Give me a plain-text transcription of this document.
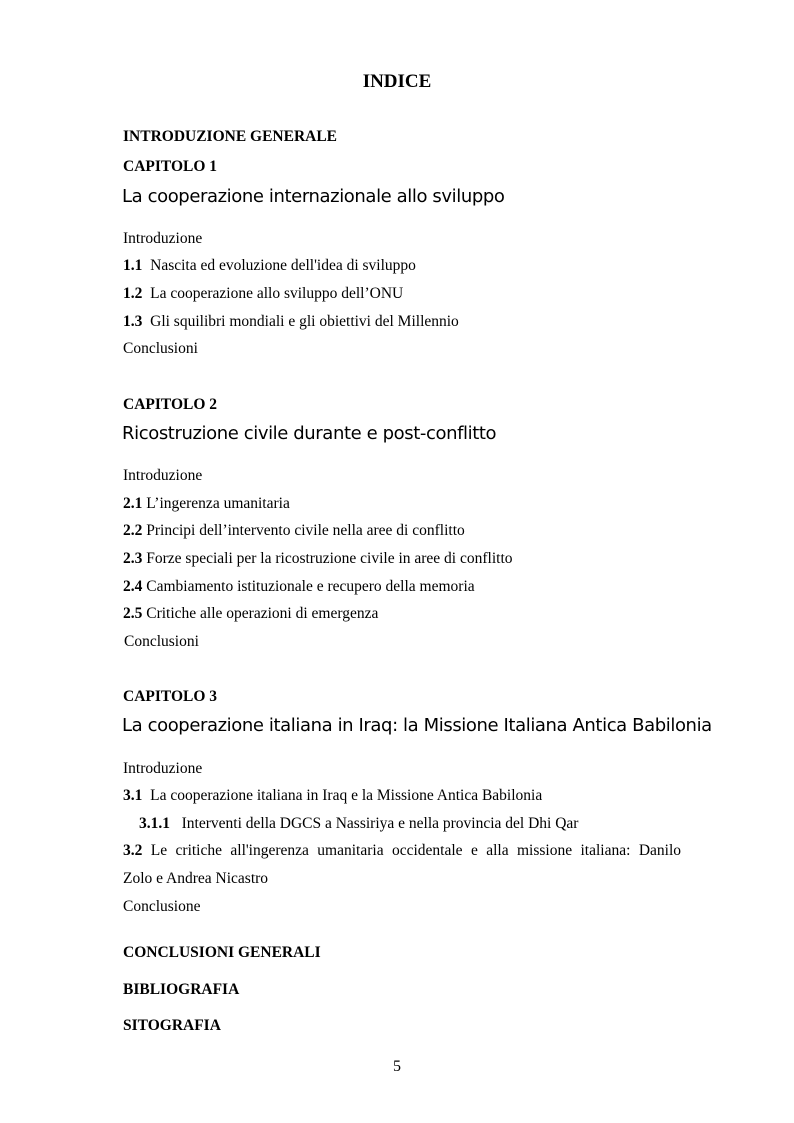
INDICE
INTRODUZIONE GENERALE
CAPITOLO 1
La cooperazione internazionale allo sviluppo
Introduzione
1.1 Nascita ed evoluzione dell'idea di sviluppo
1.2 La cooperazione allo sviluppo dell’ONU
1.3 Gli squilibri mondiali e gli obiettivi del Millennio
Conclusioni
CAPITOLO 2
Ricostruzione civile durante e post-conflitto
Introduzione
2.1 L’ingerenza umanitaria
2.2 Principi dell’intervento civile nella aree di conflitto
2.3 Forze speciali per la ricostruzione civile in aree di conflitto
2.4 Cambiamento istituzionale e recupero della memoria
2.5 Critiche alle operazioni di emergenza
Conclusioni
CAPITOLO 3
La cooperazione italiana in Iraq: la Missione Italiana Antica Babilonia
Introduzione
3.1 La cooperazione italiana in Iraq e la Missione Antica Babilonia
3.1.1 Interventi della DGCS a Nassiriya e nella provincia del Dhi Qar
3.2 Le critiche all'ingerenza umanitaria occidentale e alla missione italiana: Danilo
Zolo e Andrea Nicastro
Conclusione
CONCLUSIONI GENERALI
BIBLIOGRAFIA
SITOGRAFIA
5
